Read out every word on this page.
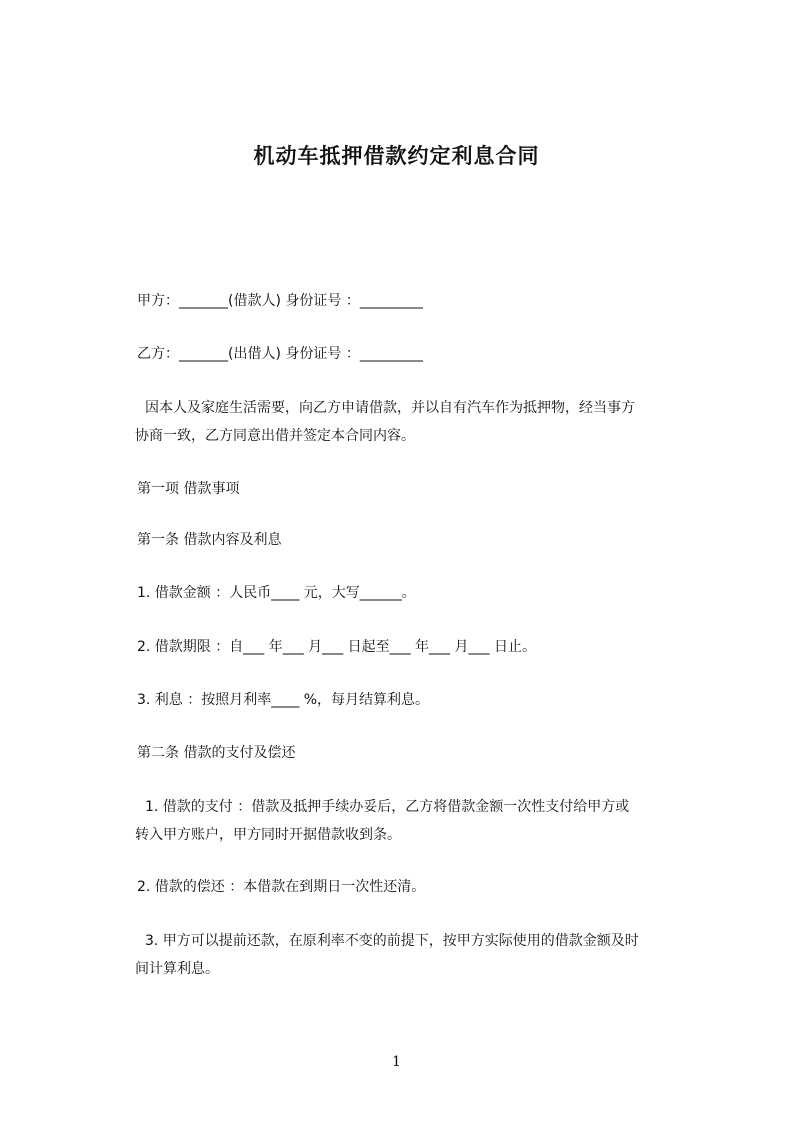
机动车抵押借款约定利息合同
甲方：_______(借款人) 身份证号 ：_________
乙方：_______(出借人) 身份证号 ：_________
因本人及家庭生活需要，向乙方申请借款，并以自有汽车作为抵押物，经当事方
协商一致，乙方同意出借并签定本合同内容。
第一项 借款事项
第一条 借款内容及利息
1. 借款金额 ：人民币____ 元，大写______。
2. 借款期限 ：自___ 年___ 月___ 日起至___ 年___ 月___ 日止。
3. 利息 ：按照月利率____ %，每月结算利息。
第二条 借款的支付及偿还
1. 借款的支付 ：借款及抵押手续办妥后，乙方将借款金额一次性支付给甲方或
转入甲方账户，甲方同时开据借款收到条。
2. 借款的偿还 ：本借款在到期日一次性还清。
3. 甲方可以提前还款，在原利率不变的前提下，按甲方实际使用的借款金额及时
间计算利息。
1
